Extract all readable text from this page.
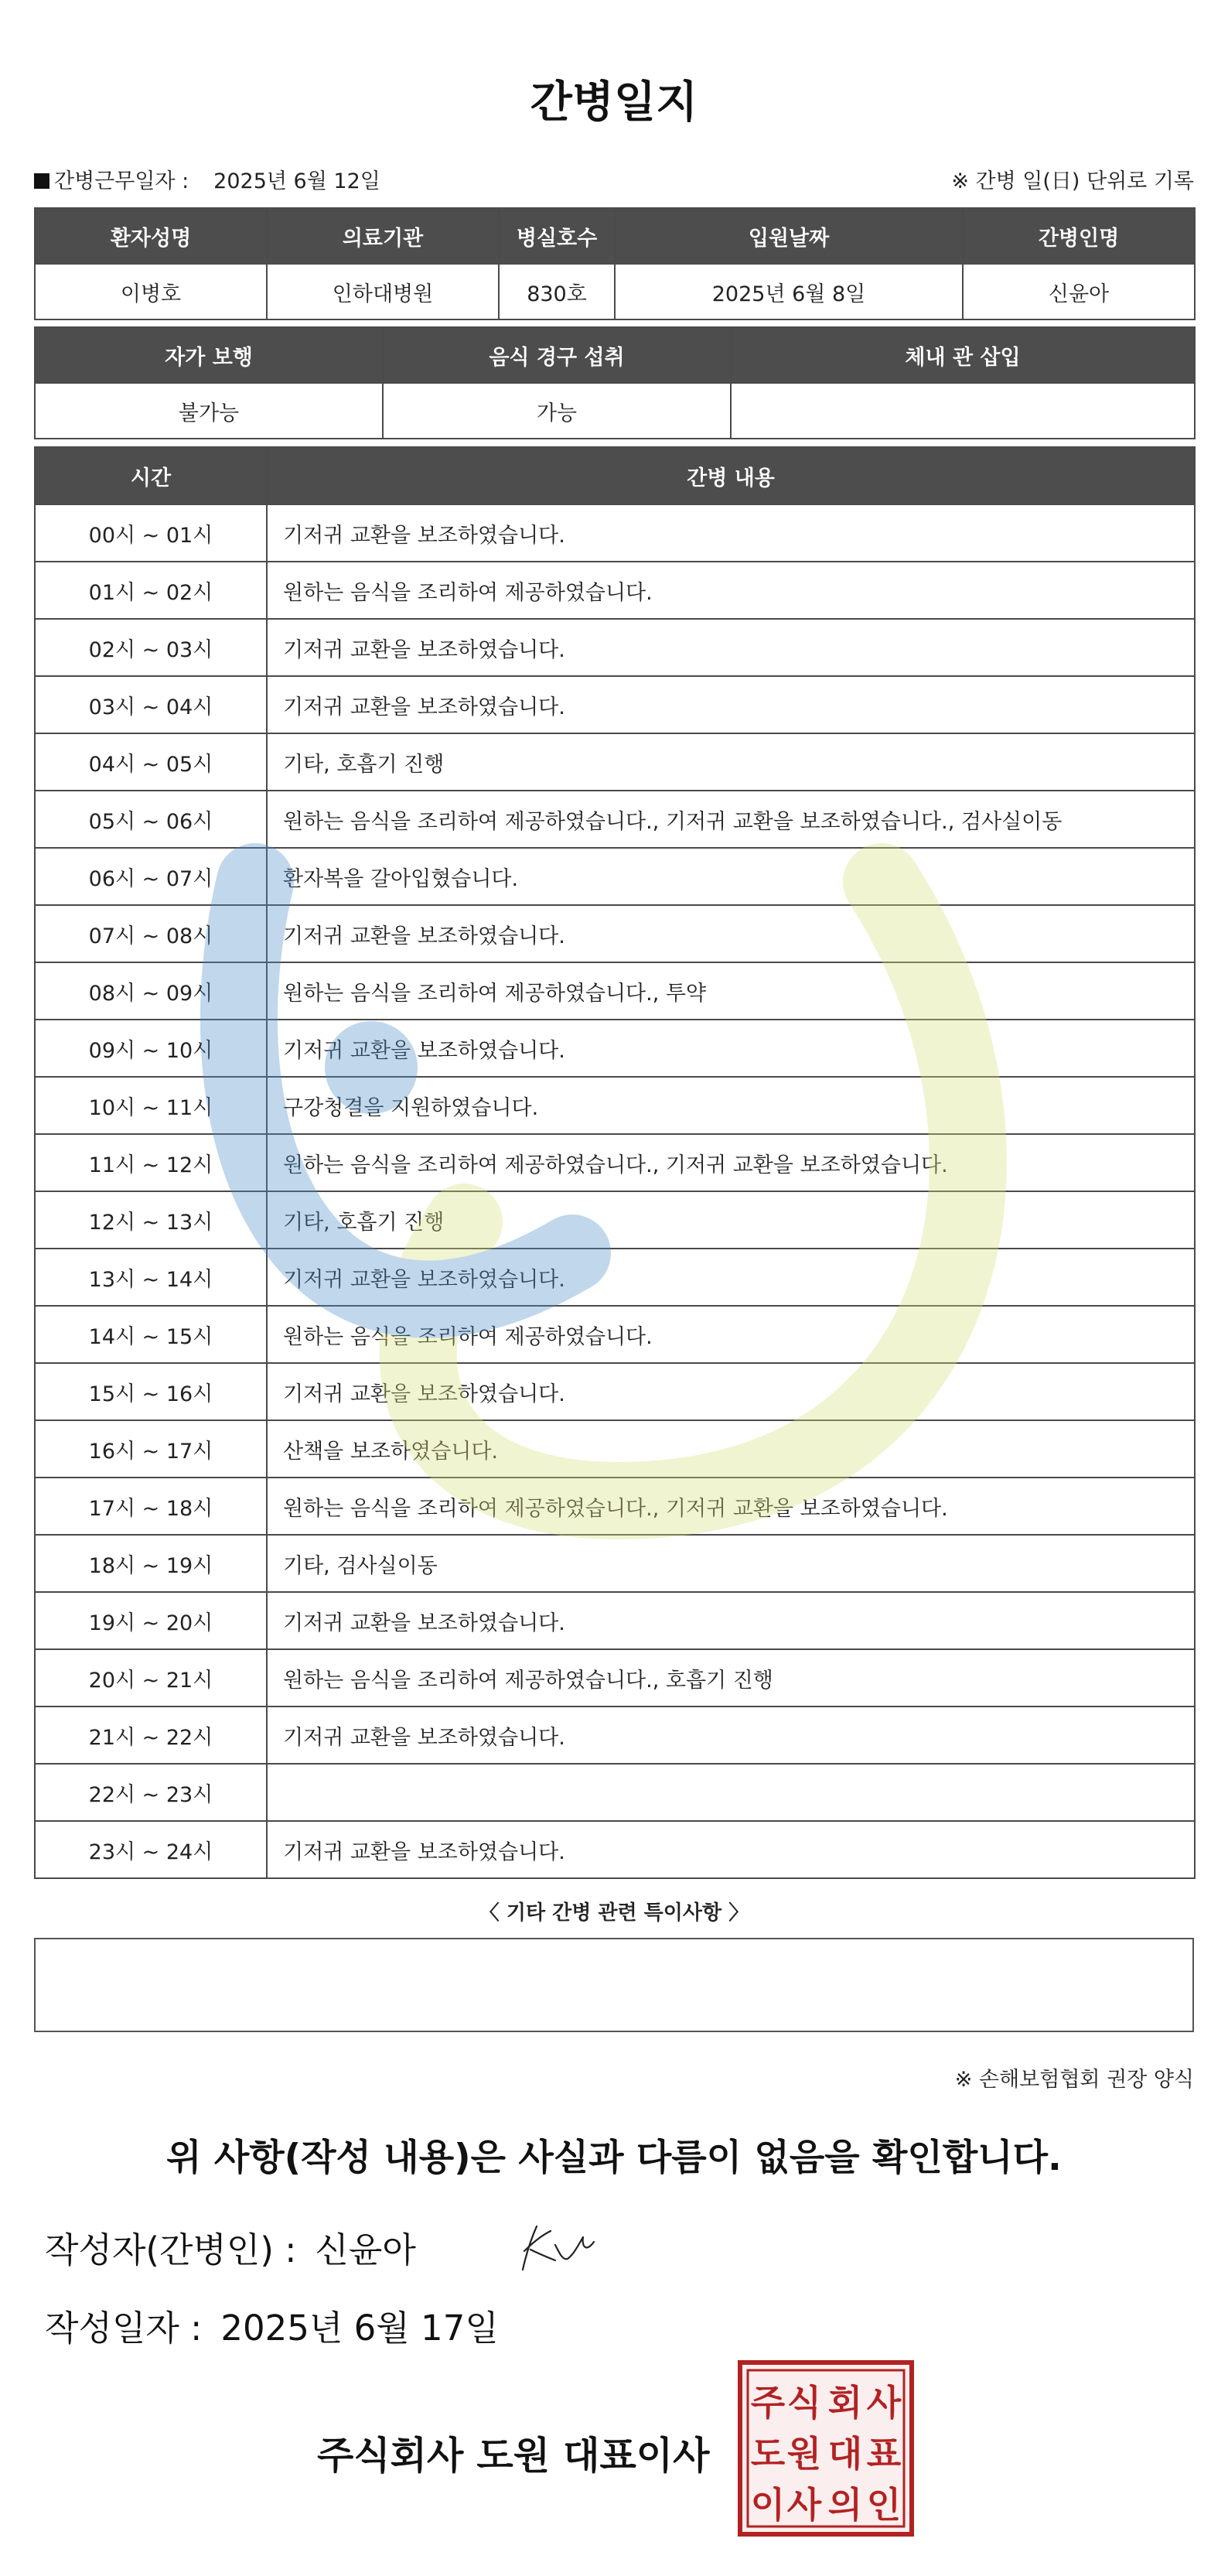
간병일지
간병근무일자 : 2025년 6월 12일	※ 간병 일(日) 단위로 기록
환자성명	의료기관	병실호수	입원날짜	간병인명
이병호	인하대병원	830호	2025년 6월 8일	신윤아
자가 보행	음식 경구 섭취	체내 관 삽입
불가능	가능	
시간	간병 내용
00시 ~ 01시	기저귀 교환을 보조하였습니다.
01시 ~ 02시	원하는 음식을 조리하여 제공하였습니다.
02시 ~ 03시	기저귀 교환을 보조하였습니다.
03시 ~ 04시	기저귀 교환을 보조하였습니다.
04시 ~ 05시	기타, 호흡기 진행
05시 ~ 06시	원하는 음식을 조리하여 제공하였습니다., 기저귀 교환을 보조하였습니다., 검사실이동
06시 ~ 07시	환자복을 갈아입혔습니다.
07시 ~ 08시	기저귀 교환을 보조하였습니다.
08시 ~ 09시	원하는 음식을 조리하여 제공하였습니다., 투약
09시 ~ 10시	기저귀 교환을 보조하였습니다.
10시 ~ 11시	구강청결을 지원하였습니다.
11시 ~ 12시	원하는 음식을 조리하여 제공하였습니다., 기저귀 교환을 보조하였습니다.
12시 ~ 13시	기타, 호흡기 진행
13시 ~ 14시	기저귀 교환을 보조하였습니다.
14시 ~ 15시	원하는 음식을 조리하여 제공하였습니다.
15시 ~ 16시	기저귀 교환을 보조하였습니다.
16시 ~ 17시	산책을 보조하였습니다.
17시 ~ 18시	원하는 음식을 조리하여 제공하였습니다., 기저귀 교환을 보조하였습니다.
18시 ~ 19시	기타, 검사실이동
19시 ~ 20시	기저귀 교환을 보조하였습니다.
20시 ~ 21시	원하는 음식을 조리하여 제공하였습니다., 호흡기 진행
21시 ~ 22시	기저귀 교환을 보조하였습니다.
22시 ~ 23시	
23시 ~ 24시	기저귀 교환을 보조하였습니다.
〈 기타 간병 관련 특이사항 〉
※ 손해보험협회 권장 양식
위 사항(작성 내용)은 사실과 다름이 없음을 확인합니다.
작성자(간병인) : 신윤아
작성일자 : 2025년 6월 17일
주식회사 도원 대표이사
주 식 회 사
도 원 대 표
이 사 의 인
